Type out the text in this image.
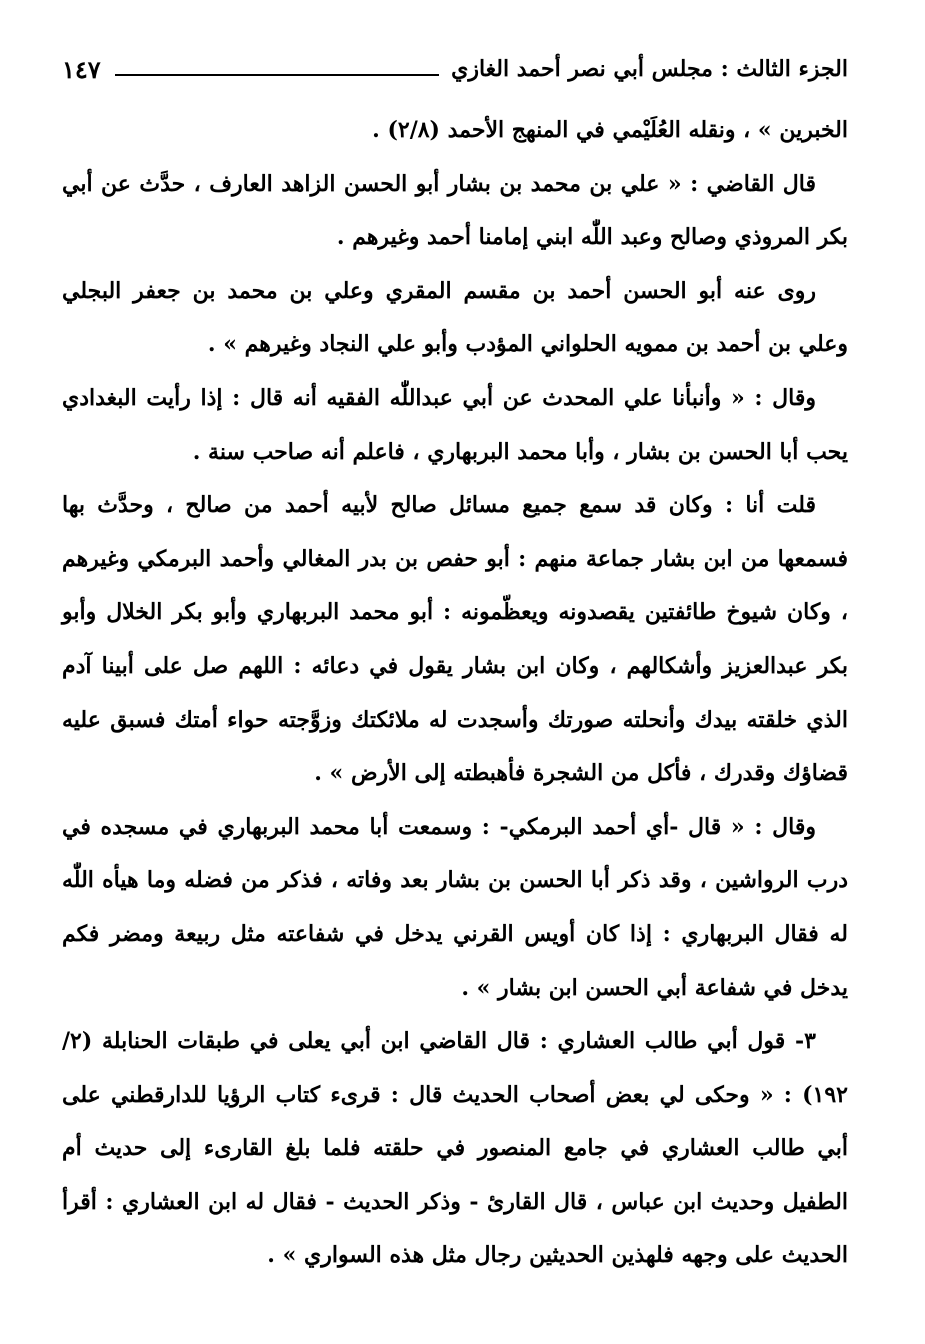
الجزء الثالث : مجلس أبي نصر أحمد الغازي
١٤٧

الخبرين » ، ونقله العُلَيْمي في المنهج الأحمد (٢/٨) .

قال القاضي : « علي بن محمد بن بشار أبو الحسن الزاهد العارف ، حدَّث عن أبي بكر المروذي وصالح وعبد اللّٰه ابني إمامنا أحمد وغيرهم .

روى عنه أبو الحسن أحمد بن مقسم المقري وعلي بن محمد بن جعفر البجلي وعلي بن أحمد بن ممويه الحلواني المؤدب وأبو علي النجاد وغيرهم » .

وقال : « وأنبأنا علي المحدث عن أبي عبداللّٰه الفقيه أنه قال : إذا رأيت البغدادي يحب أبا الحسن بن بشار ، وأبا محمد البربهاري ، فاعلم أنه صاحب سنة .

قلت أنا : وكان قد سمع جميع مسائل صالح لأبيه أحمد من صالح ، وحدَّث بها فسمعها من ابن بشار جماعة منهم : أبو حفص بن بدر المغالي وأحمد البرمكي وغيرهم ، وكان شيوخ طائفتين يقصدونه ويعظّمونه : أبو محمد البربهاري وأبو بكر الخلال وأبو بكر عبدالعزيز وأشكالهم ، وكان ابن بشار يقول في دعائه : اللهم صل على أبينا آدم الذي خلقته بيدك وأنحلته صورتك وأسجدت له ملائكتك وزوَّجته حواء أمتك فسبق عليه قضاؤك وقدرك ، فأكل من الشجرة فأهبطته إلى الأرض » .

وقال : « قال -أي أحمد البرمكي- : وسمعت أبا محمد البربهاري في مسجده في درب الرواشين ، وقد ذكر أبا الحسن بن بشار بعد وفاته ، فذكر من فضله وما هيأه اللّٰه له فقال البربهاري : إذا كان أويس القرني يدخل في شفاعته مثل ربيعة ومضر فكم يدخل في شفاعة أبي الحسن ابن بشار » .

٣- قول أبي طالب العشاري : قال القاضي ابن أبي يعلى في طبقات الحنابلة (٢/ ١٩٢) : « وحكى لي بعض أصحاب الحديث قال : قرىء كتاب الرؤيا للدارقطني على أبي طالب العشاري في جامع المنصور في حلقته فلما بلغ القارىء إلى حديث أم الطفيل وحديث ابن عباس ، قال القارئ - وذكر الحديث - فقال له ابن العشاري : أقرأ الحديث على وجهه فلهذين الحديثين رجال مثل هذه السواري » .
